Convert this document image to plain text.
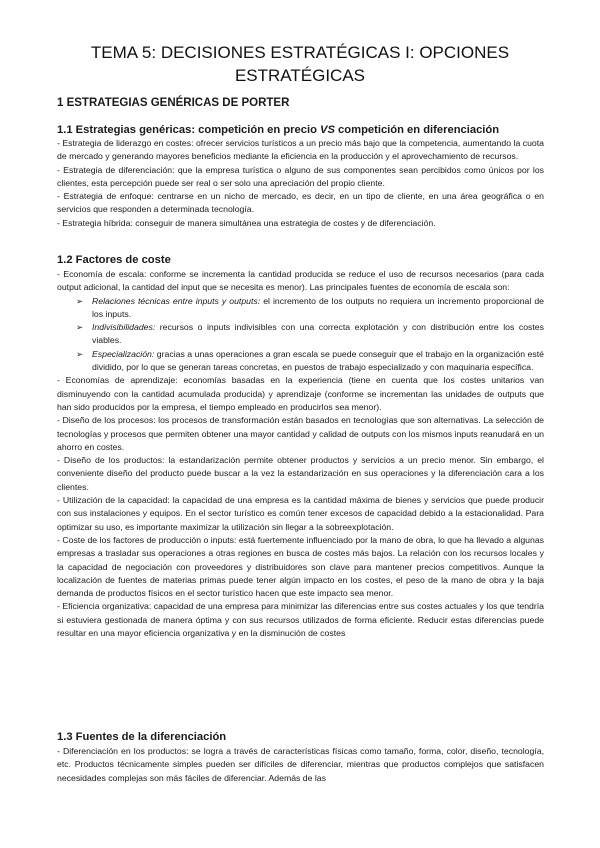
TEMA 5: DECISIONES ESTRATÉGICAS I: OPCIONES
ESTRATÉGICAS
1 ESTRATEGIAS GENÉRICAS DE PORTER
1.1 Estrategias genéricas: competición en precio VS competición en diferenciación

- Estrategia de liderazgo en costes: ofrecer servicios turísticos a un precio más bajo que la competencia, aumentando la cuota de mercado y generando mayores beneficios mediante la eficiencia en la producción y el aprovechamiento de recursos.

- Estrategia de diferenciación: que la empresa turística o alguno de sus componentes sean percibidos como únicos por los clientes, esta percepción puede ser real o ser solo una apreciación del propio cliente.

- Estrategia de enfoque: centrarse en un nicho de mercado, es decir, en un tipo de cliente, en una área geográfica o en servicios que responden a determinada tecnología.

- Estrategia híbrida: conseguir de manera simultánea una estrategia de costes y de diferenciación.

1.2 Factores de coste

- Economía de escala: conforme se incrementa la cantidad producida se reduce el uso de recursos necesarios (para cada output adicional, la cantidad del input que se necesita es menor). Las principales fuentes de economía de escala son:

➢ Relaciones técnicas entre inputs y outputs: el incremento de los outputs no requiera un incremento proporcional de los inputs.

➢ Indivisibilidades: recursos o inputs indivisibles con una correcta explotación y con distribución entre los costes viables.

➢ Especialización: gracias a unas operaciones a gran escala se puede conseguir que el trabajo en la organización esté dividido, por lo que se generan tareas concretas, en puestos de trabajo especializado y con maquinaria específica.

- Economías de aprendizaje: economías basadas en la experiencia (tiene en cuenta que los costes unitarios van disminuyendo con la cantidad acumulada producida) y aprendizaje (conforme se incrementan las unidades de outputs que han sido producidos por la empresa, el tiempo empleado en producirlos sea menor).

- Diseño de los procesos: los procesos de transformación están basados en tecnologías que son alternativas. La selección de tecnologías y procesos que permiten obtener una mayor cantidad y calidad de outputs con los mismos inputs reanudará en un ahorro en costes.

- Diseño de los productos: la estandarización permite obtener productos y servicios a un precio menor. Sin embargo, el conveniente diseño del producto puede buscar a la vez la estandarización en sus operaciones y la diferenciación cara a los clientes.

- Utilización de la capacidad: la capacidad de una empresa es la cantidad máxima de bienes y servicios que puede producir con sus instalaciones y equipos. En el sector turístico es común tener excesos de capacidad debido a la estacionalidad. Para optimizar su uso, es importante maximizar la utilización sin llegar a la sobreexplotación.

- Coste de los factores de producción o inputs: está fuertemente influenciado por la mano de obra, lo que ha llevado a algunas empresas a trasladar sus operaciones a otras regiones en busca de costes más bajos. La relación con los recursos locales y la capacidad de negociación con proveedores y distribuidores son clave para mantener precios competitivos. Aunque la localización de fuentes de materias primas puede tener algún impacto en los costes, el peso de la mano de obra y la baja demanda de productos físicos en el sector turístico hacen que este impacto sea menor.

- Eficiencia organizativa: capacidad de una empresa para minimizar las diferencias entre sus costes actuales y los que tendría si estuviera gestionada de manera óptima y con sus recursos utilizados de forma eficiente. Reducir estas diferencias puede resultar en una mayor eficiencia organizativa y en la disminución de costes

1.3 Fuentes de la diferenciación

- Diferenciación en los productos: se logra a través de características físicas como tamaño, forma, color, diseño, tecnología, etc. Productos técnicamente simples pueden ser difíciles de diferenciar, mientras que productos complejos que satisfacen necesidades complejas son más fáciles de diferenciar. Además de las
